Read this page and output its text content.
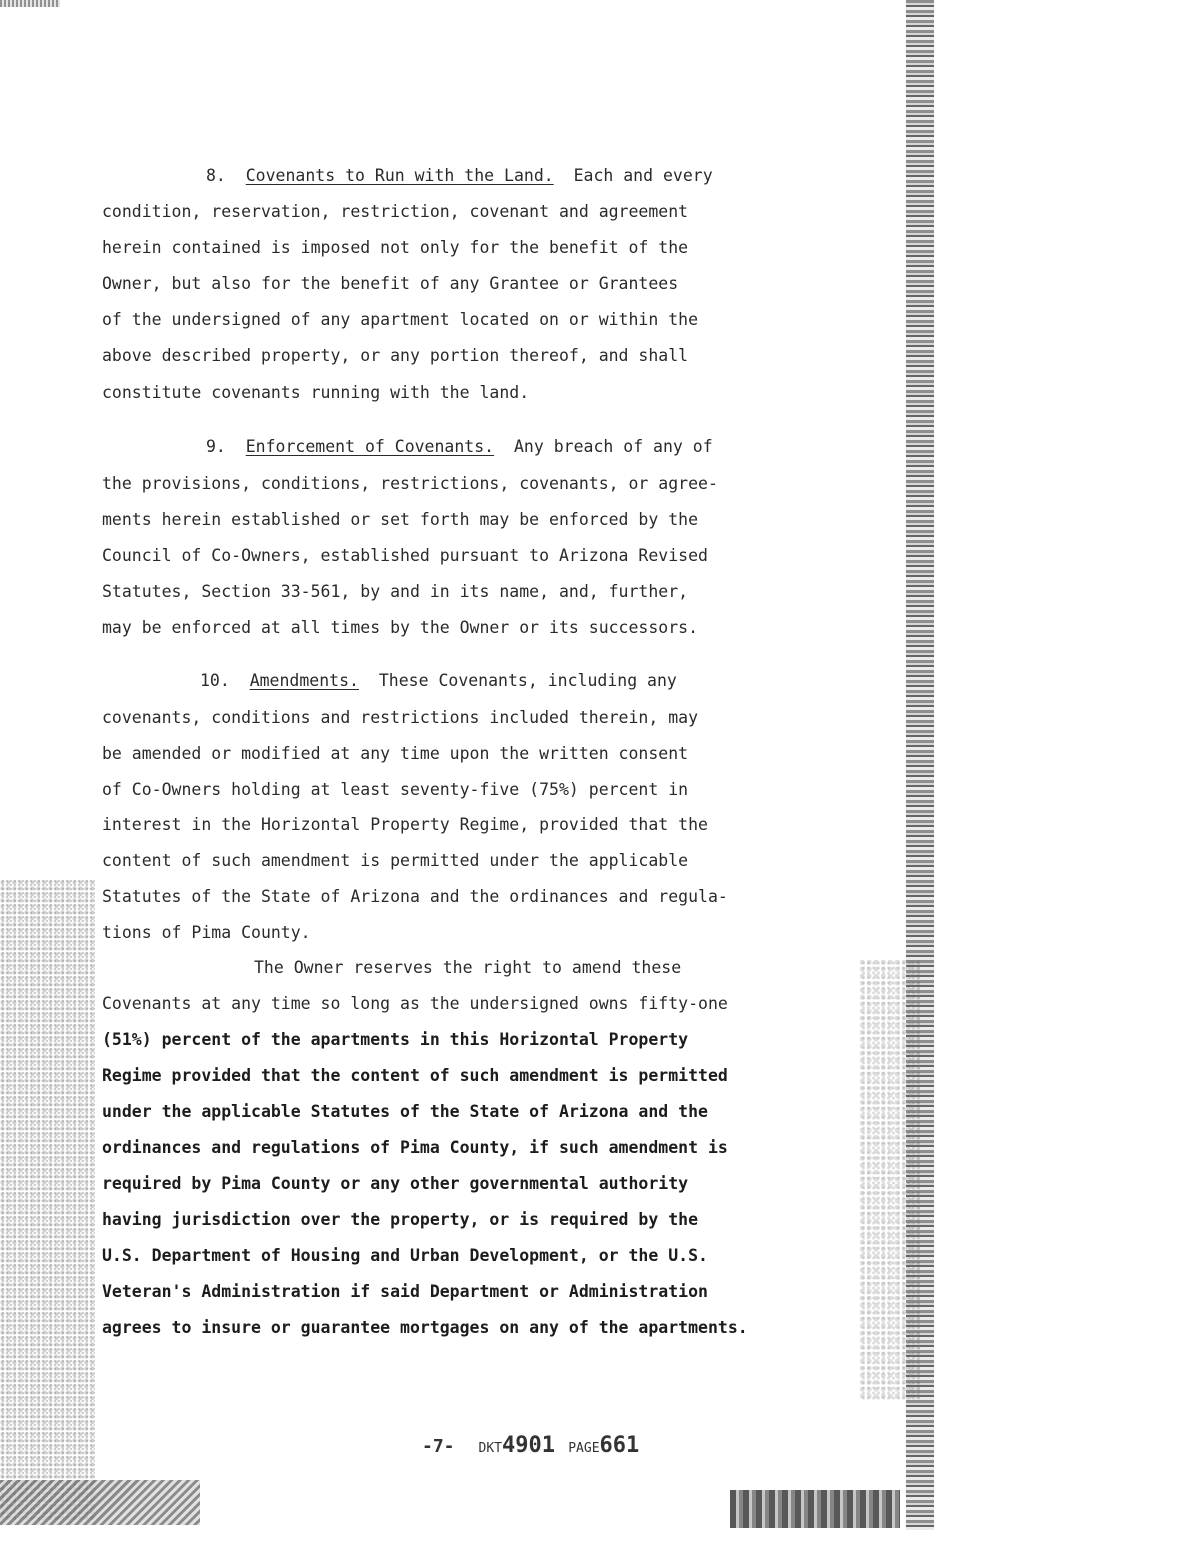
8. Covenants to Run with the Land. Each and every

condition, reservation, restriction, covenant and agreement

herein contained is imposed not only for the benefit of the

Owner, but also for the benefit of any Grantee or Grantees

of the undersigned of any apartment located on or within the

above described property, or any portion thereof, and shall

constitute covenants running with the land.

9. Enforcement of Covenants. Any breach of any of

the provisions, conditions, restrictions, covenants, or agree-

ments herein established or set forth may be enforced by the

Council of Co-Owners, established pursuant to Arizona Revised

Statutes, Section 33-561, by and in its name, and, further,

may be enforced at all times by the Owner or its successors.

10. Amendments. These Covenants, including any

covenants, conditions and restrictions included therein, may

be amended or modified at any time upon the written consent

of Co-Owners holding at least seventy-five (75%) percent in

interest in the Horizontal Property Regime, provided that the

content of such amendment is permitted under the applicable

Statutes of the State of Arizona and the ordinances and regula-

tions of Pima County.

The Owner reserves the right to amend these

Covenants at any time so long as the undersigned owns fifty-one

(51%) percent of the apartments in this Horizontal Property

Regime provided that the content of such amendment is permitted

under the applicable Statutes of the State of Arizona and the

ordinances and regulations of Pima County, if such amendment is

required by Pima County or any other governmental authority

having jurisdiction over the property, or is required by the

U.S. Department of Housing and Urban Development, or the U.S.

Veteran's Administration if said Department or Administration

agrees to insure or guarantee mortgages on any of the apartments.

-7- DKT4901 PAGE661
